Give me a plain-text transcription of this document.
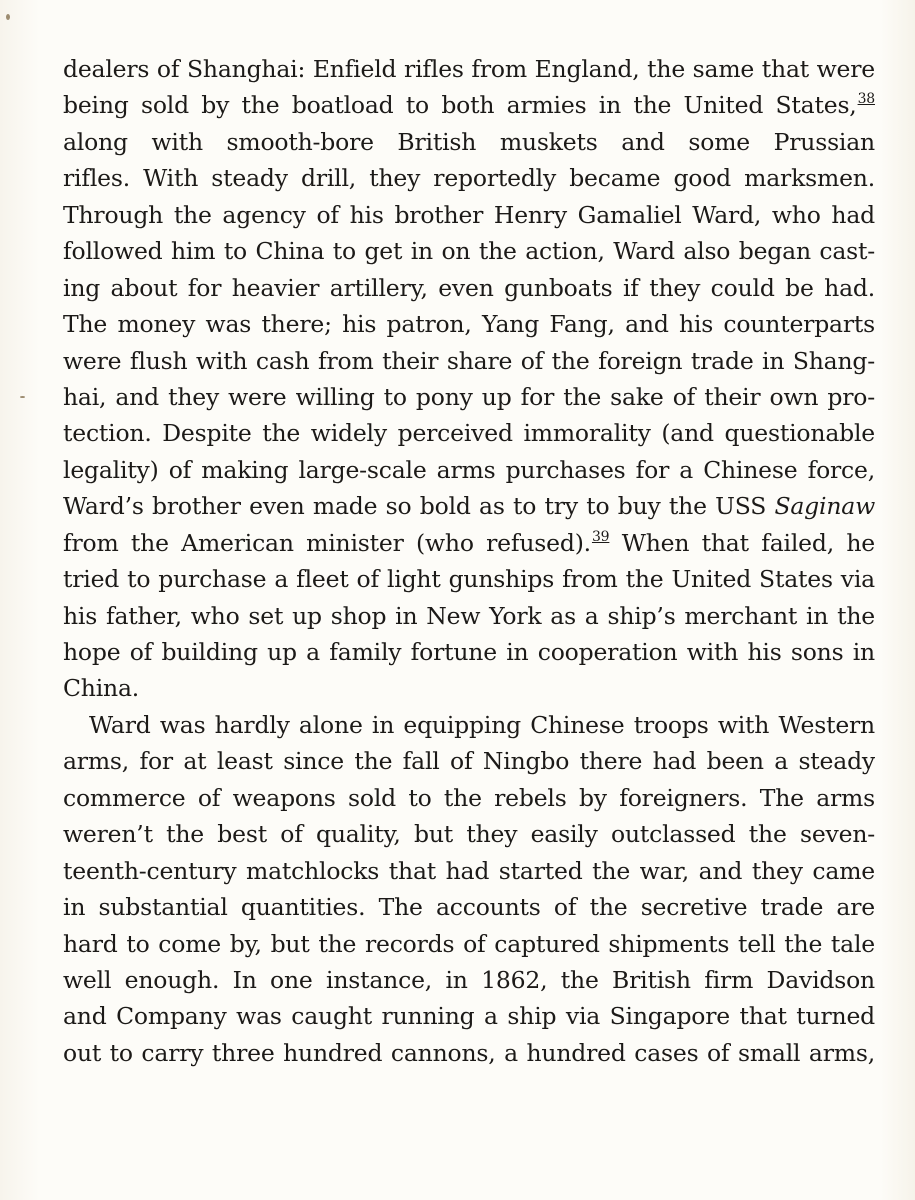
dealers of Shanghai: Enfield rifles from England, the same that were
being sold by the boatload to both armies in the United States,$^{38}$
along with smooth-bore British muskets and some Prussian
rifles. With steady drill, they reportedly became good marksmen.
Through the agency of his brother Henry Gamaliel Ward, who had
followed him to China to get in on the action, Ward also began cast-
ing about for heavier artillery, even gunboats if they could be had.
The money was there; his patron, Yang Fang, and his counterparts
were flush with cash from their share of the foreign trade in Shang-
hai, and they were willing to pony up for the sake of their own pro-
tection. Despite the widely perceived immorality (and questionable
legality) of making large-scale arms purchases for a Chinese force,
Ward’s brother even made so bold as to try to buy the USS Saginaw
from the American minister (who refused).$^{39}$ When that failed, he
tried to purchase a fleet of light gunships from the United States via
his father, who set up shop in New York as a ship’s merchant in the
hope of building up a family fortune in cooperation with his sons in
China.
Ward was hardly alone in equipping Chinese troops with Western
arms, for at least since the fall of Ningbo there had been a steady
commerce of weapons sold to the rebels by foreigners. The arms
weren’t the best of quality, but they easily outclassed the seven-
teenth-century matchlocks that had started the war, and they came
in substantial quantities. The accounts of the secretive trade are
hard to come by, but the records of captured shipments tell the tale
well enough. In one instance, in 1862, the British firm Davidson
and Company was caught running a ship via Singapore that turned
out to carry three hundred cannons, a hundred cases of small arms,
